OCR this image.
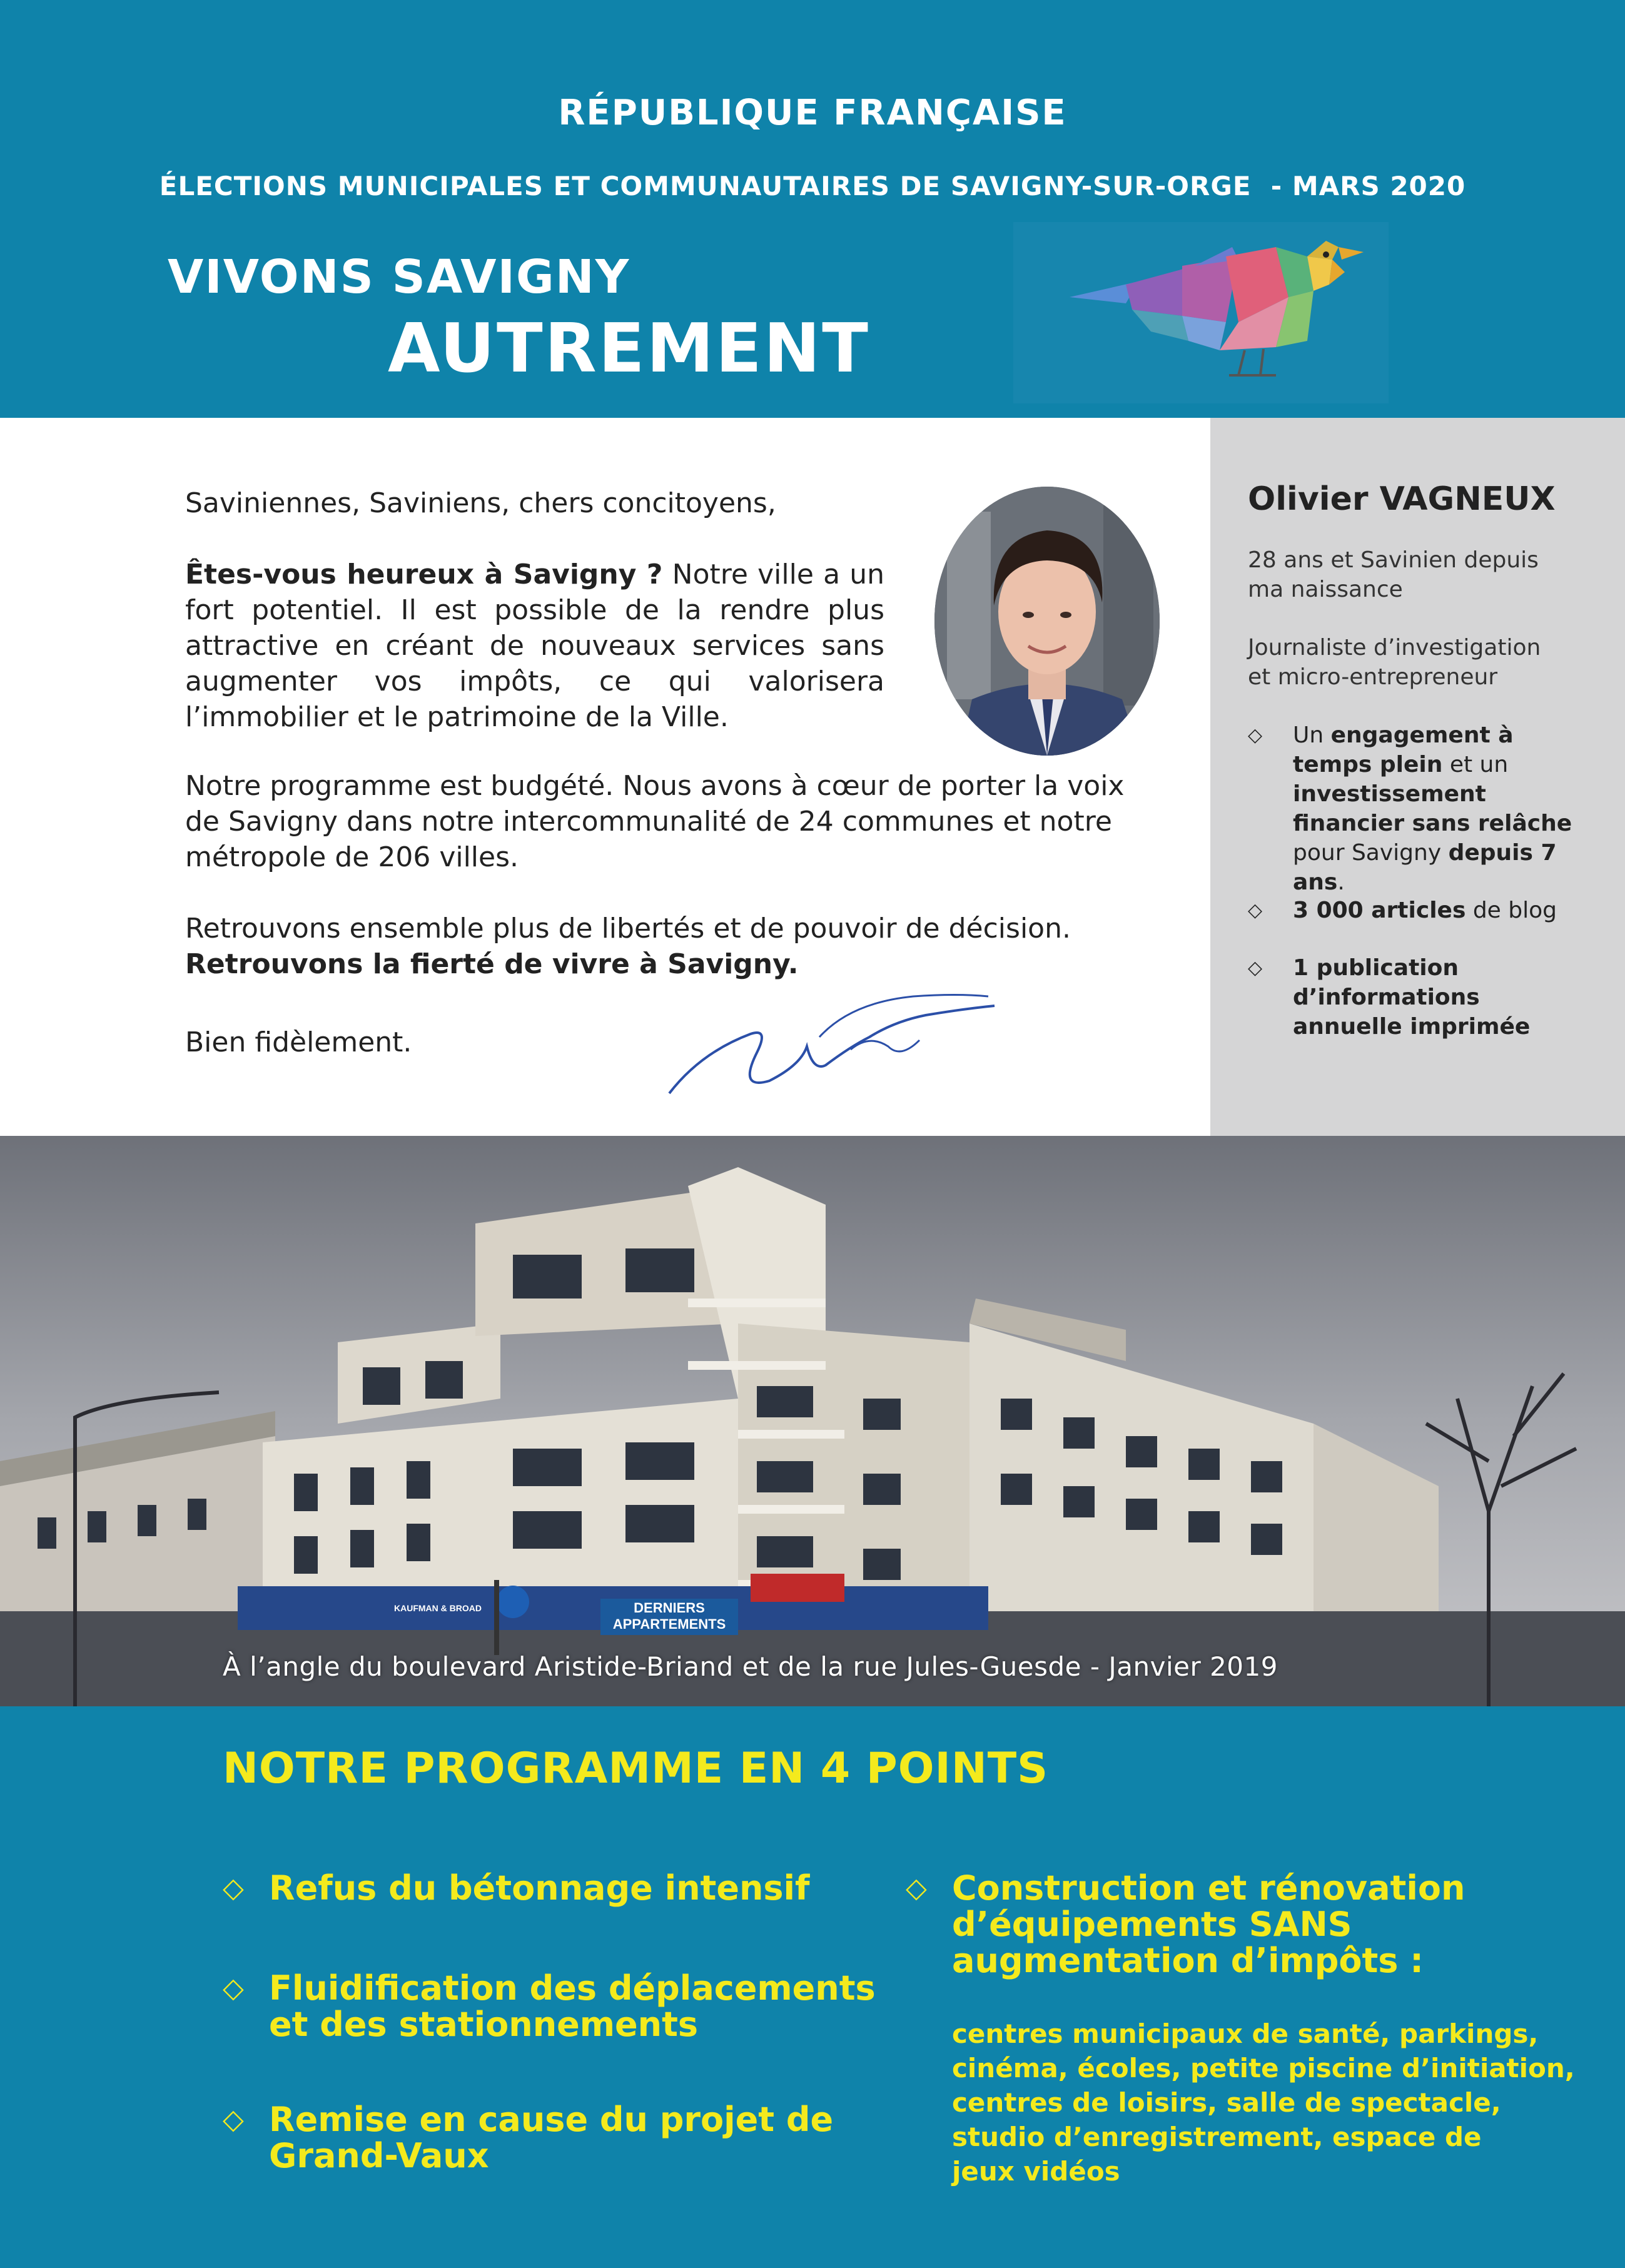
RÉPUBLIQUE FRANÇAISE
ÉLECTIONS MUNICIPALES ET COMMUNAUTAIRES DE SAVIGNY-SUR-ORGE  - MARS 2020
VIVONS SAVIGNY
AUTREMENT
Saviniennes, Saviniens, chers concitoyens,
Êtes-vous heureux à Savigny ? Notre ville a un fort potentiel. Il est possible de la rendre plus attractive en créant de nouveaux services sans augmenter vos impôts, ce qui valorisera l’immobilier et le patrimoine de la Ville.
Notre programme est budgété. Nous avons à cœur de porter la voix de Savigny dans notre intercommunalité de 24 communes et notre métropole de 206 villes.
Retrouvons ensemble plus de libertés et de pouvoir de décision.
Retrouvons la fierté de vivre à Savigny.
Bien fidèlement.
Olivier VAGNEUX
28 ans et Savinien depuis
ma naissance
Journaliste d’investigation
et micro-entrepreneur
◇ Un engagement à temps plein et un investissement financier sans relâche pour Savigny depuis 7 ans.
◇ 3 000 articles de blog
◇ 1 publication d’informations annuelle imprimée
DERNIERS
APPARTEMENTS
KAUFMAN & BROAD
À l’angle du boulevard Aristide-Briand et de la rue Jules-Guesde - Janvier 2019
NOTRE PROGRAMME EN 4 POINTS
◇ Refus du bétonnage intensif
◇ Fluidification des déplacements
et des stationnements
◇ Remise en cause du projet de
Grand-Vaux
◇ Construction et rénovation
d’équipements SANS
augmentation d’impôts :
centres municipaux de santé, parkings,
cinéma, écoles, petite piscine d’initiation,
centres de loisirs, salle de spectacle,
studio d’enregistrement, espace de
jeux vidéos
